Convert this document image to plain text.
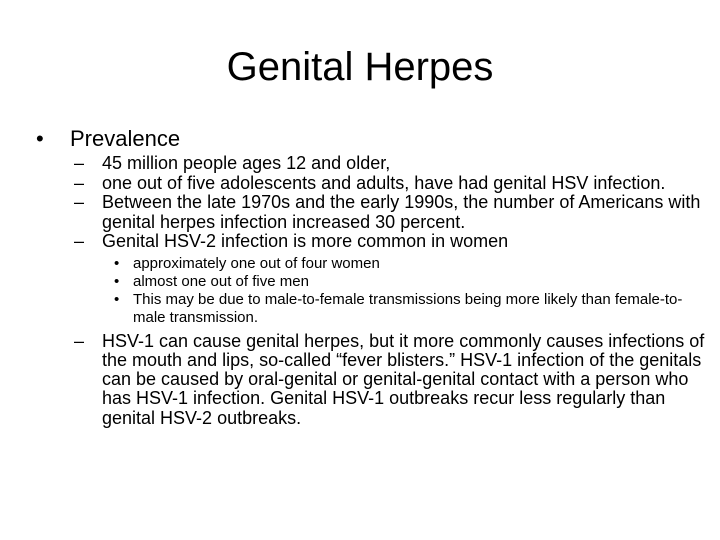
Genital Herpes
•	Prevalence
– 45 million people ages 12 and older,
– one out of five adolescents and adults, have had genital HSV infection.
– Between the late 1970s and the early 1990s, the number of Americans with genital herpes infection increased 30 percent.
– Genital HSV-2 infection is more common in women
• approximately one out of four women
• almost one out of five men
• This may be due to male-to-female transmissions being more likely than female-to-male transmission.
– HSV-1 can cause genital herpes, but it more commonly causes infections of the mouth and lips, so-called “fever blisters.” HSV-1 infection of the genitals can be caused by oral-genital or genital-genital contact with a person who has HSV-1 infection. Genital HSV-1 outbreaks recur less regularly than genital HSV-2 outbreaks.
